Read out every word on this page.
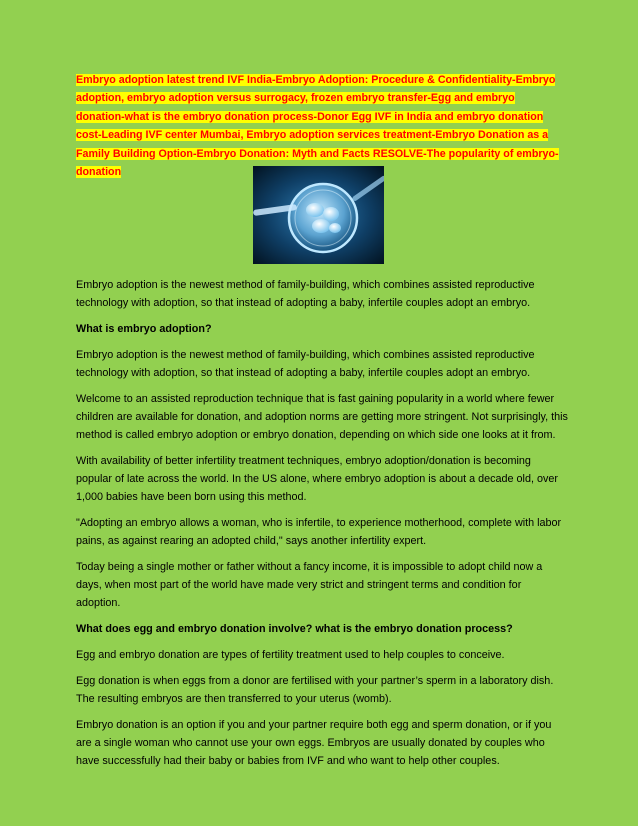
Embryo adoption latest trend IVF India-Embryo Adoption: Procedure & Confidentiality-Embryo adoption, embryo adoption versus surrogacy, frozen embryo transfer-Egg and embryo donation-what is the embryo donation process-Donor Egg IVF in India and embryo donation cost-Leading IVF center Mumbai, Embryo adoption services treatment-Embryo Donation as a Family Building Option-Embryo Donation: Myth and Facts RESOLVE-The popularity of embryo-donation

Embryo adoption is the newest method of family-building, which combines assisted reproductive technology with adoption, so that instead of adopting a baby, infertile couples adopt an embryo.

What is embryo adoption?

Embryo adoption is the newest method of family-building, which combines assisted reproductive technology with adoption, so that instead of adopting a baby, infertile couples adopt an embryo.

Welcome to an assisted reproduction technique that is fast gaining popularity in a world where fewer children are available for donation, and adoption norms are getting more stringent. Not surprisingly, this method is called embryo adoption or embryo donation, depending on which side one looks at it from.

With availability of better infertility treatment techniques, embryo adoption/donation is becoming popular of late across the world. In the US alone, where embryo adoption is about a decade old, over 1,000 babies have been born using this method.

"Adopting an embryo allows a woman, who is infertile, to experience motherhood, complete with labor pains, as against rearing an adopted child," says another infertility expert.

Today being a single mother or father without a fancy income, it is impossible to adopt child now a days, when most part of the world have made very strict and stringent terms and condition for adoption.

What does egg and embryo donation involve? what is the embryo donation process?

Egg and embryo donation are types of fertility treatment used to help couples to conceive.

Egg donation is when eggs from a donor are fertilised with your partner’s sperm in a laboratory dish. The resulting embryos are then transferred to your uterus (womb).

Embryo donation is an option if you and your partner require both egg and sperm donation, or if you are a single woman who cannot use your own eggs. Embryos are usually donated by couples who have successfully had their baby or babies from IVF and who want to help other couples.
